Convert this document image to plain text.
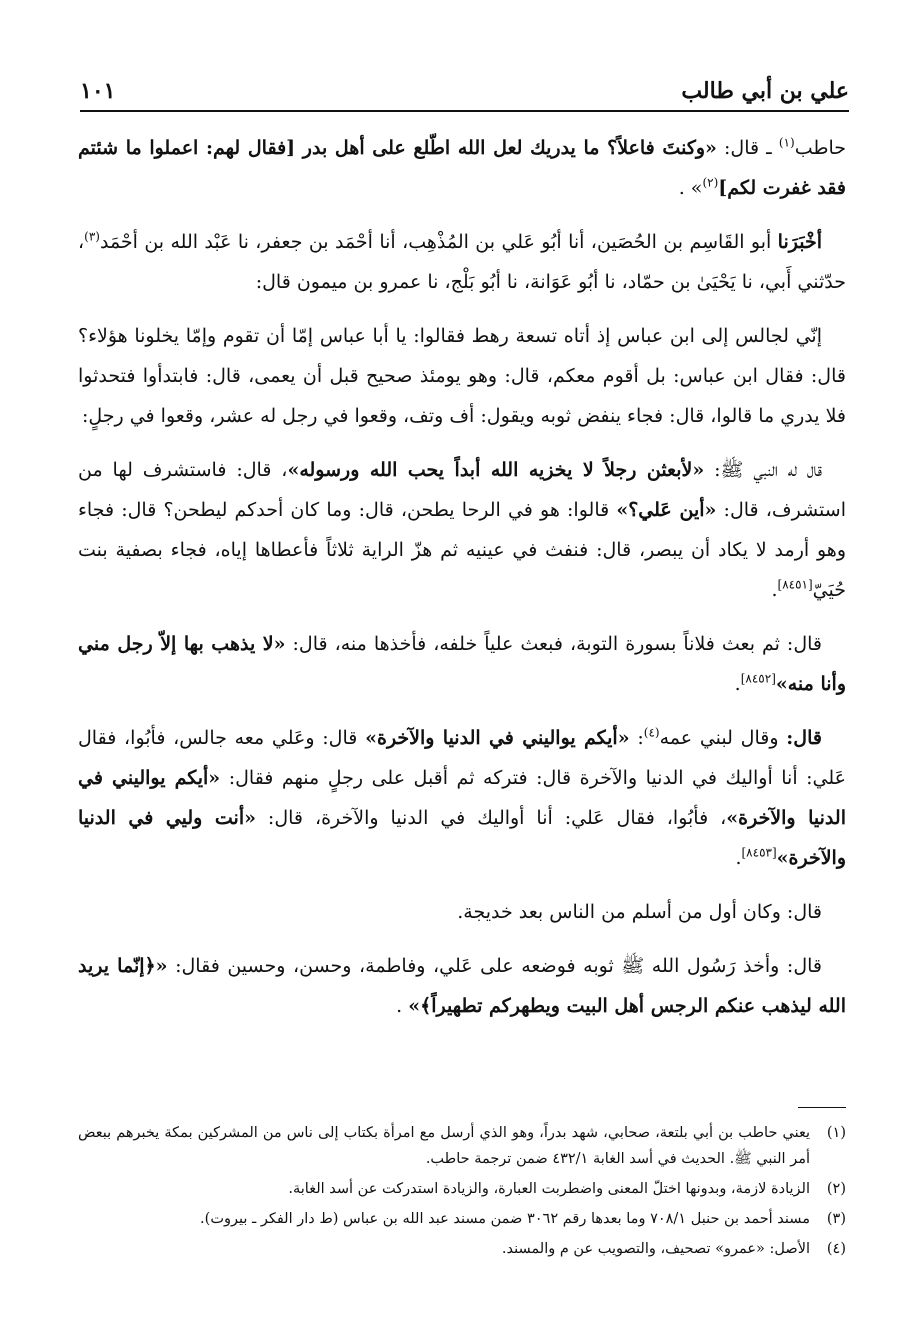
علي بن أبي طالب
١٠١

حاطب$^{(١)}$ ـ قال: «وكنتَ فاعلاً؟ ما يدريك لعل الله اطّلع على أهل بدر [فقال لهم: اعملوا ما شئتم فقد غفرت لكم]$^{(٢)}$» .

أخْبَرَنا أبو القَاسِم بن الحُصَين، أنا أبُو عَلي بن المُذْهِب، أنا أحْمَد بن جعفر، نا عَبْد الله بن أحْمَد$^{(٣)}$، حدّثني أَبي، نا يَحْيَىٰ بن حمّاد، نا أبُو عَوَانة، نا أبُو بَلْج، نا عمرو بن ميمون قال:

إنّي لجالس إلى ابن عباس إذ أتاه تسعة رهط فقالوا: يا أبا عباس إمّا أن تقوم وإمّا يخلونا هؤلاء؟ قال: فقال ابن عباس: بل أقوم معكم، قال: وهو يومئذ صحيح قبل أن يعمى، قال: فابتدأوا فتحدثوا فلا يدري ما قالوا، قال: فجاء ينفض ثوبه ويقول: أف وتف، وقعوا في رجل له عشر، وقعوا في رجلٍ:

قال له النبي ﷺ: «لأبعثن رجلاً لا يخزيه الله أبداً يحب الله ورسوله»، قال: فاستشرف لها من استشرف، قال: «أين عَلي؟» قالوا: هو في الرحا يطحن، قال: وما كان أحدكم ليطحن؟ قال: فجاء وهو أرمد لا يكاد أن يبصر، قال: فنفث في عينيه ثم هزّ الراية ثلاثاً فأعطاها إياه، فجاء بصفية بنت حُيَيّ[٨٤٥١].

قال: ثم بعث فلاناً بسورة التوبة، فبعث علياً خلفه، فأخذها منه، قال: «لا يذهب بها إلاّ رجل مني وأنا منه»[٨٤٥٢].

قال: وقال لبني عمه$^{(٤)}$: «أيكم يواليني في الدنيا والآخرة» قال: وعَلي معه جالس، فأبُوا، فقال عَلي: أنا أواليك في الدنيا والآخرة قال: فتركه ثم أقبل على رجلٍ منهم فقال: «أيكم يواليني في الدنيا والآخرة»، فأبُوا، فقال عَلي: أنا أواليك في الدنيا والآخرة، قال: «أنت وليي في الدنيا والآخرة»[٨٤٥٣].

قال: وكان أول من أسلم من الناس بعد خديجة.

قال: وأخذ رَسُول الله ﷺ ثوبه فوضعه على عَلي، وفاطمة، وحسن، وحسين فقال: «﴿إنّما يريد الله ليذهب عنكم الرجس أهل البيت ويطهركم تطهيراً﴾» .

(١)
يعني حاطب بن أبي بلتعة، صحابي، شهد بدراً، وهو الذي أرسل مع امرأة بكتاب إلى ناس من المشركين بمكة يخبرهم ببعض أمر النبي ﷺ. الحديث في أسد الغابة ٤٣٢/١ ضمن ترجمة حاطب.
(٢)
الزيادة لازمة، وبدونها اختلّ المعنى واضطربت العبارة، والزيادة استدركت عن أسد الغابة.
(٣)
مسند أحمد بن حنبل ٧٠٨/١ وما بعدها رقم ٣٠٦٢ ضمن مسند عبد الله بن عباس (ط دار الفكر ـ بيروت).
(٤)
الأصل: «عمرو» تصحيف، والتصويب عن م والمسند.
